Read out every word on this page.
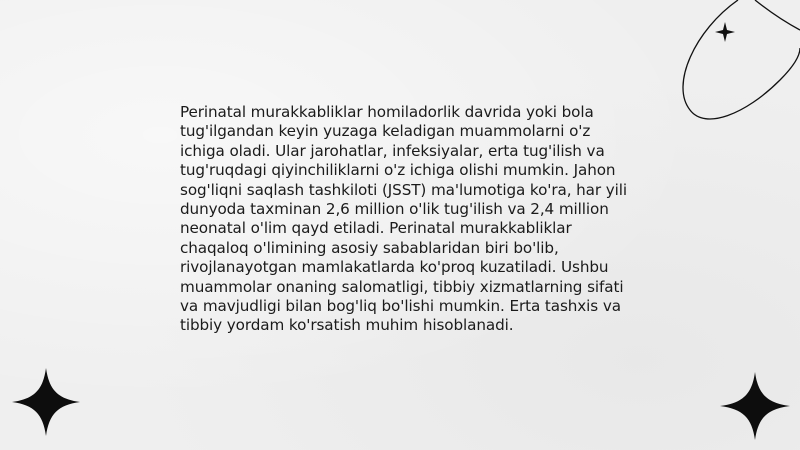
Perinatal murakkabliklar homiladorlik davrida yoki bola tug'ilgandan keyin yuzaga keladigan muammolarni o'z ichiga oladi. Ular jarohatlar, infeksiyalar, erta tug'ilish va tug'ruqdagi qiyinchiliklarni o'z ichiga olishi mumkin. Jahon sog'liqni saqlash tashkiloti (JSST) ma'lumotiga ko'ra, har yili dunyoda taxminan 2,6 million o'lik tug'ilish va 2,4 million neonatal o'lim qayd etiladi. Perinatal murakkabliklar chaqaloq o'limining asosiy sabablaridan biri bo'lib, rivojlanayotgan mamlakatlarda ko'proq kuzatiladi. Ushbu muammolar onaning salomatligi, tibbiy xizmatlarning sifati va mavjudligi bilan bog'liq bo'lishi mumkin. Erta tashxis va tibbiy yordam ko'rsatish muhim hisoblanadi.
